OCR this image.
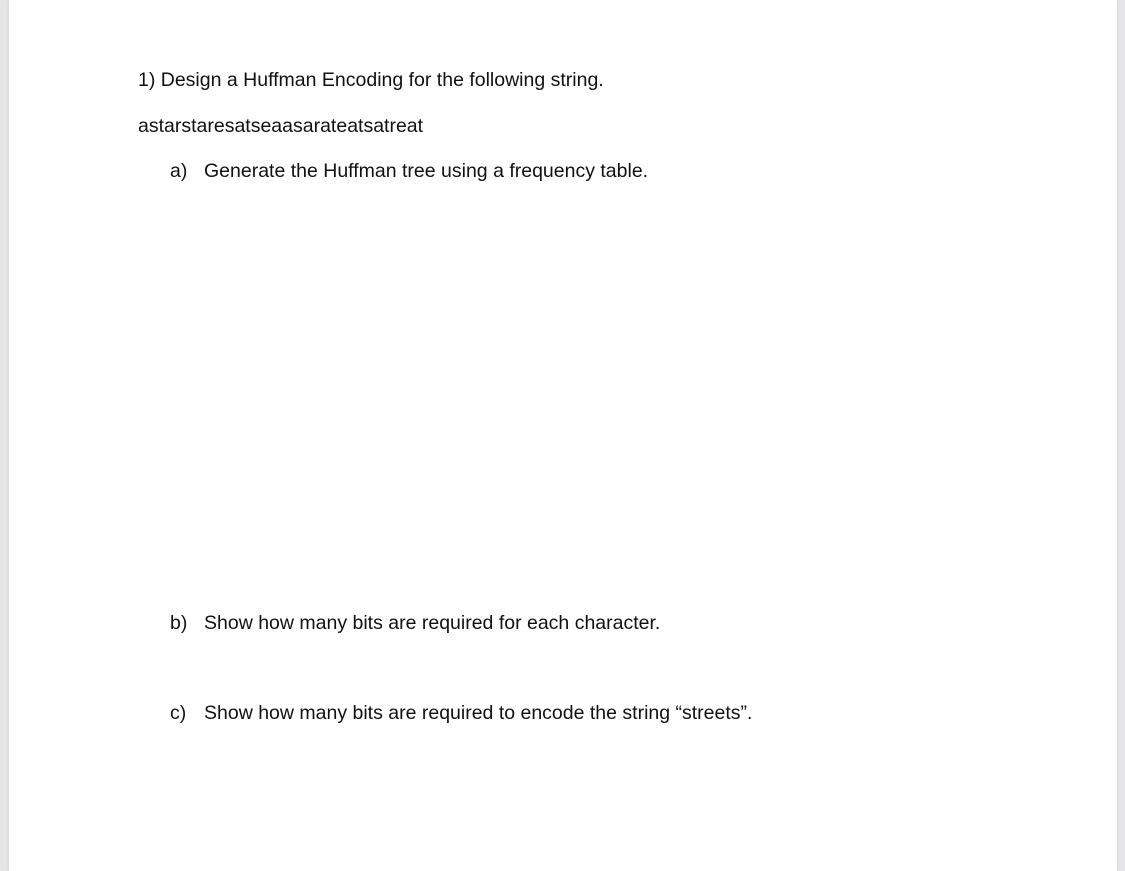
1) Design a Huffman Encoding for the following string.

astarstaresatseaasarateatsatreat

a) Generate the Huffman tree using a frequency table.

b) Show how many bits are required for each character.

c) Show how many bits are required to encode the string “streets”.
